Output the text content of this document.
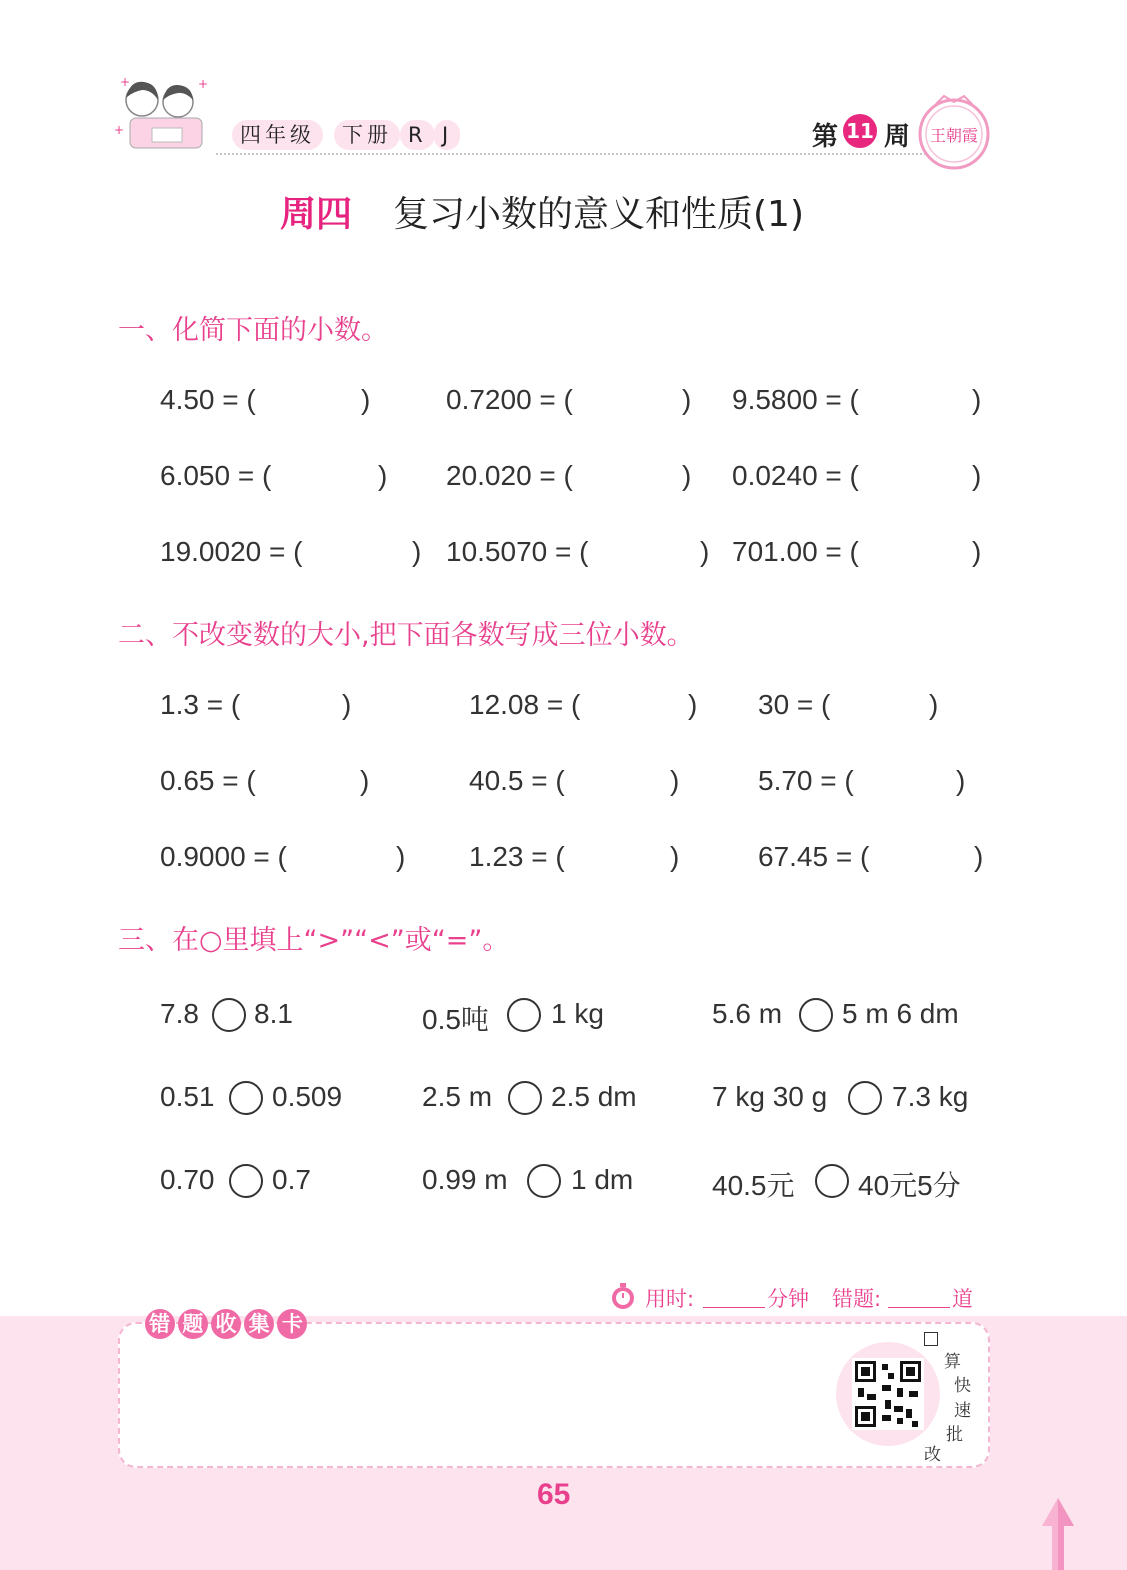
+	+
+	四年级	下册 R J	第 11 周 王朝霞
周四 复习小数的意义和性质(1)
一、化简下面的小数。
4.50 = (	)	0.7200 = (	) 9.5800 = (	)
6.050 = (	) 20.020 = (	) 0.0240 = (	)
19.0020 = (	) 10.5070 = (	) 701.00 = (	)
二、不改变数的大小,把下面各数写成三位小数。
1.3 = (	)	12.08 = (	) 30 = (	)
0.65 = (	)	40.5 = (	)	5.70 = (	)
0.9000 = (	) 1.23 = (	)	67.45 = (	)
三、在○里填上“>”“<”或“=”。
7.8 8.1	0.5吨 1 kg	5.6 m 5 m 6 dm
0.51 0.509	2.5 m 2.5 dm	7 kg 30 g 7.3 kg
0.70 0.7	0.99 m 1 dm	40.5元 40元5分
用时:	分钟 错题:	道
错 题 收 集 卡
算
快
速
批
改
65
